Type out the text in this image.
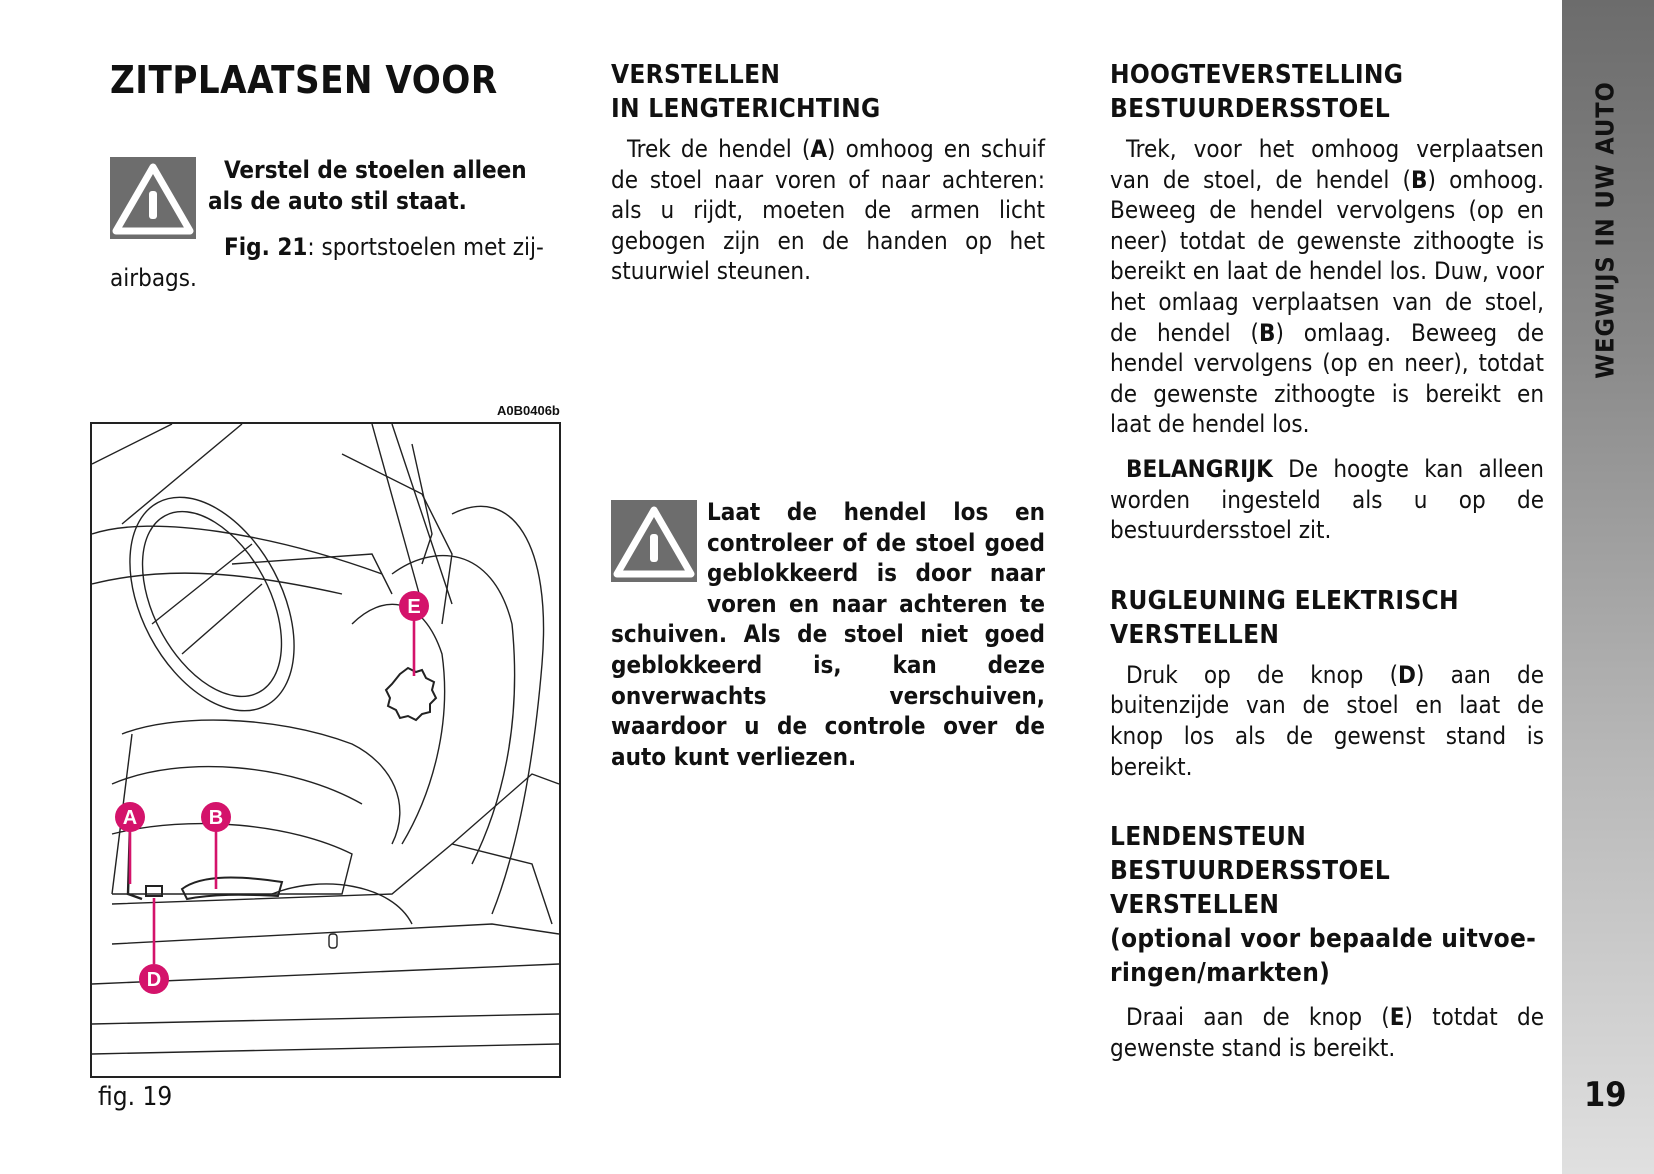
WEGWIJS IN UW AUTO
19
ZITPLAATSEN VOOR
Verstel de stoelen alleen
als de auto stil staat.
Fig. 21: sportstoelen met zij-
airbags.
A0B0406b
E
A	B
D
fig. 19

VERSTELLEN

IN LENGTERICHTING

Trek de hendel (A) omhoog en schuif de stoel naar voren of naar achteren: als u rijdt, moeten de armen licht gebogen zijn en de handen op het stuurwiel steunen.

Laat de hendel los en controleer of de stoel goed geblokkeerd is door naar voren en naar achteren te schuiven. Als de stoel niet goed geblokkeerd is, kan deze onverwachts verschuiven, waardoor u de controle over de auto kunt verliezen.

HOOGTEVERSTELLING

BESTUURDERSSTOEL

Trek, voor het omhoog verplaatsen van de stoel, de hendel (B) omhoog. Beweeg de hendel vervolgens (op en neer) totdat de gewenste zithoogte is bereikt en laat de hendel los. Duw, voor het omlaag verplaatsen van de stoel, de hendel (B) omlaag. Beweeg de hendel vervolgens (op en neer), totdat de gewenste zithoogte is bereikt en laat de hendel los.

BELANGRIJK De hoogte kan alleen worden ingesteld als u op de bestuurdersstoel zit.

RUGLEUNING ELEKTRISCH

VERSTELLEN

Druk op de knop (D) aan de buitenzijde van de stoel en laat de knop los als de gewenst stand is bereikt.

LENDENSTEUN

BESTUURDERSSTOEL

VERSTELLEN

(optional voor bepaalde uitvoe-

ringen/markten)

Draai aan de knop (E) totdat de gewenste stand is bereikt.
